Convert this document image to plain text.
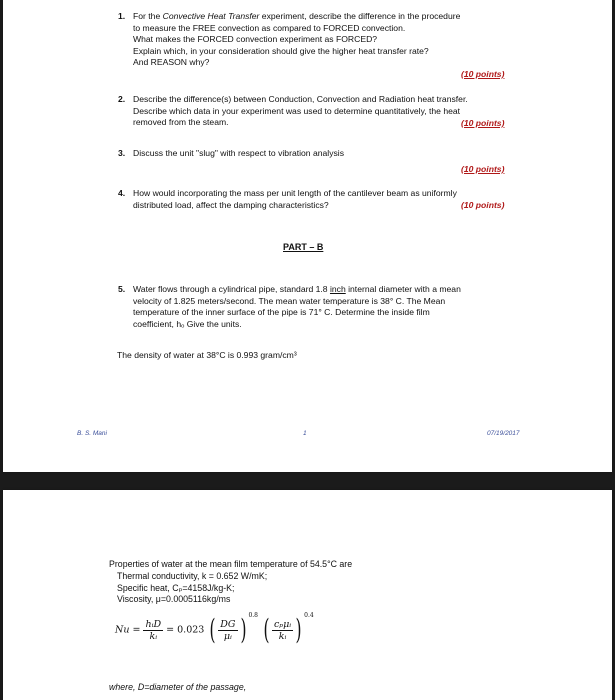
1. For the Convective Heat Transfer experiment, describe the difference in the procedure
to measure the FREE convection as compared to FORCED convection.
What makes the FORCED convection experiment as FORCED?
Explain which, in your consideration should give the higher heat transfer rate?
And REASON why?
(10 points)
2. Describe the difference(s) between Conduction, Convection and Radiation heat transfer.
Describe which data in your experiment was used to determine quantitatively, the heat
removed from the steam.	(10 points)
3. Discuss the unit "slug" with respect to vibration analysis
(10 points)
4. How would incorporating the mass per unit length of the cantilever beam as uniformly
distributed load, affect the damping characteristics?	(10 points)
PART – B
5. Water flows through a cylindrical pipe, standard 1.8 inch internal diameter with a mean
velocity of 1.825 meters/second. The mean water temperature is 38° C. The Mean
temperature of the inner surface of the pipe is 71° C. Determine the inside film
coefficient, hₒ Give the units.
The density of water at 38°C is 0.993 gram/cm³
B. S. Mani	1	07/19/2017
Properties of water at the mean film temperature of 54.5°C are
Thermal conductivity, k = 0.652 W/mK;
Specific heat, Cₚ=4158J/kg-K;
Viscosity, μ=0.0005116kg/ms
$Nu = \frac{\text{hᵢD}}{\text{kᵢ}} = 0.023$ ( $\frac{DG}{\text{μᵢ}}$ ) $^{0.8}$ ( $\frac{\text{cₚμᵢ}}{\text{kᵢ}}$ ) $^{0.4}$
where, D=diameter of the passage,
